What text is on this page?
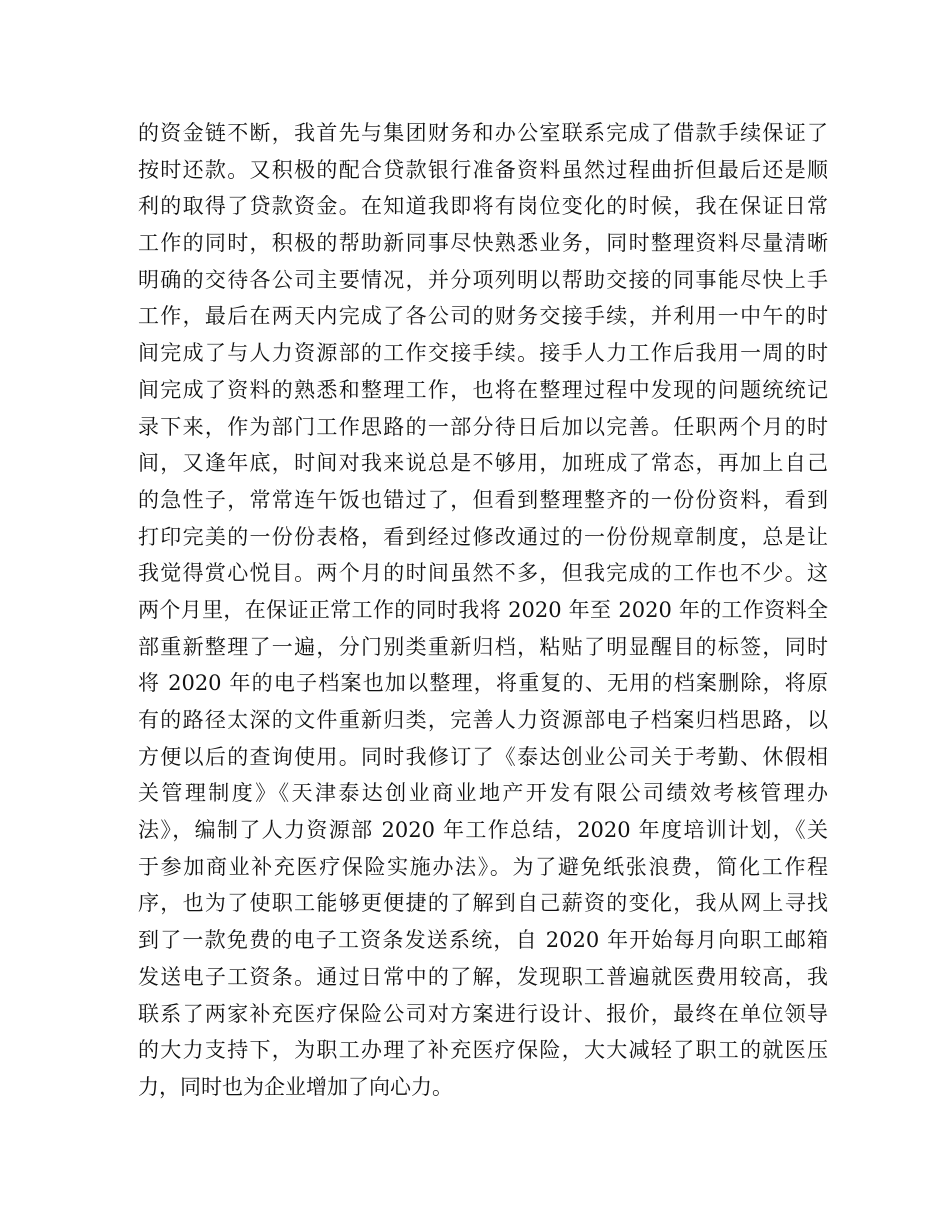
的资金链不断，我首先与集团财务和办公室联系完成了借款手续保证了
按时还款。又积极的配合贷款银行准备资料虽然过程曲折但最后还是顺
利的取得了贷款资金。在知道我即将有岗位变化的时候，我在保证日常
工作的同时，积极的帮助新同事尽快熟悉业务，同时整理资料尽量清晰
明确的交待各公司主要情况，并分项列明以帮助交接的同事能尽快上手
工作，最后在两天内完成了各公司的财务交接手续，并利用一中午的时
间完成了与人力资源部的工作交接手续。接手人力工作后我用一周的时
间完成了资料的熟悉和整理工作，也将在整理过程中发现的问题统统记
录下来，作为部门工作思路的一部分待日后加以完善。任职两个月的时
间，又逢年底，时间对我来说总是不够用，加班成了常态，再加上自己
的急性子，常常连午饭也错过了，但看到整理整齐的一份份资料，看到
打印完美的一份份表格，看到经过修改通过的一份份规章制度，总是让
我觉得赏心悦目。两个月的时间虽然不多，但我完成的工作也不少。这
两个月里，在保证正常工作的同时我将 2020 年至 2020 年的工作资料全
部重新整理了一遍，分门别类重新归档，粘贴了明显醒目的标签，同时
将 2020 年的电子档案也加以整理，将重复的、无用的档案删除，将原
有的路径太深的文件重新归类，完善人力资源部电子档案归档思路，以
方便以后的查询使用。同时我修订了《泰达创业公司关于考勤、休假相
关管理制度》《天津泰达创业商业地产开发有限公司绩效考核管理办
法》，编制了人力资源部 2020 年工作总结，2020 年度培训计划，《关
于参加商业补充医疗保险实施办法》。为了避免纸张浪费，简化工作程
序，也为了使职工能够更便捷的了解到自己薪资的变化，我从网上寻找
到了一款免费的电子工资条发送系统，自 2020 年开始每月向职工邮箱
发送电子工资条。通过日常中的了解，发现职工普遍就医费用较高，我
联系了两家补充医疗保险公司对方案进行设计、报价，最终在单位领导
的大力支持下，为职工办理了补充医疗保险，大大减轻了职工的就医压
力，同时也为企业增加了向心力。
